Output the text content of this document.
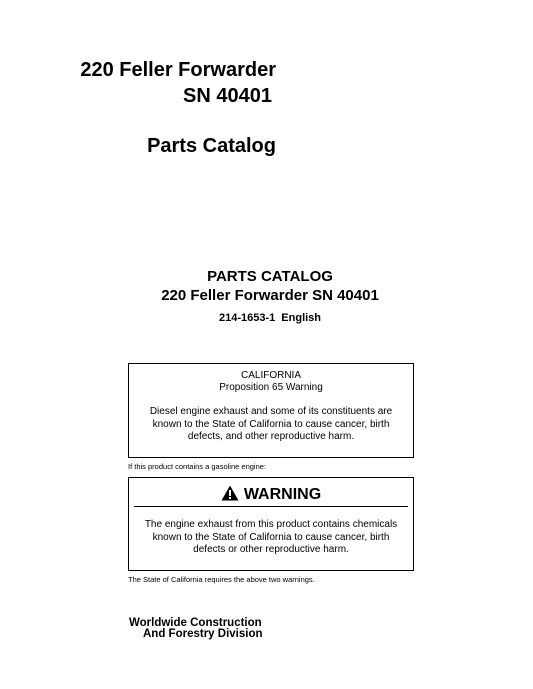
220 Feller Forwarder
SN 40401
Parts Catalog
PARTS CATALOG
220 Feller Forwarder SN 40401
214-1653-1 English
CALIFORNIA
Proposition 65 Warning
Diesel engine exhaust and some of its constituents are known to the State of California to cause cancer, birth defects, and other reproductive harm.
If this product contains a gasoline engine:
WARNING
The engine exhaust from this product contains chemicals known to the State of California to cause cancer, birth defects or other reproductive harm.
The State of California requires the above two warnings.
Worldwide Construction
And Forestry Division
